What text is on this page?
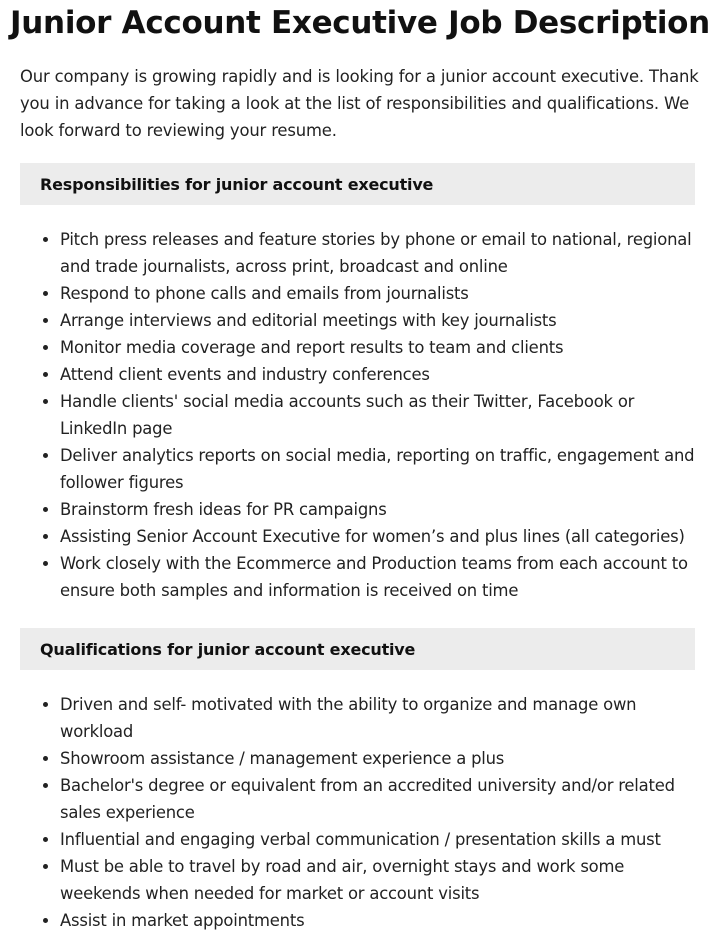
Junior Account Executive Job Description

Our company is growing rapidly and is looking for a junior account executive. Thank you in advance for taking a look at the list of responsibilities and qualifications. We look forward to reviewing your resume.

Responsibilities for junior account executive
Pitch press releases and feature stories by phone or email to national, regional and trade journalists, across print, broadcast and online
Respond to phone calls and emails from journalists
Arrange interviews and editorial meetings with key journalists
Monitor media coverage and report results to team and clients
Attend client events and industry conferences
Handle clients' social media accounts such as their Twitter, Facebook or LinkedIn page
Deliver analytics reports on social media, reporting on traffic, engagement and follower figures
Brainstorm fresh ideas for PR campaigns
Assisting Senior Account Executive for women’s and plus lines (all categories)
Work closely with the Ecommerce and Production teams from each account to ensure both samples and information is received on time
Qualifications for junior account executive
Driven and self- motivated with the ability to organize and manage own workload
Showroom assistance / management experience a plus
Bachelor's degree or equivalent from an accredited university and/or related sales experience
Influential and engaging verbal communication / presentation skills a must
Must be able to travel by road and air, overnight stays and work some weekends when needed for market or account visits
Assist in market appointments
